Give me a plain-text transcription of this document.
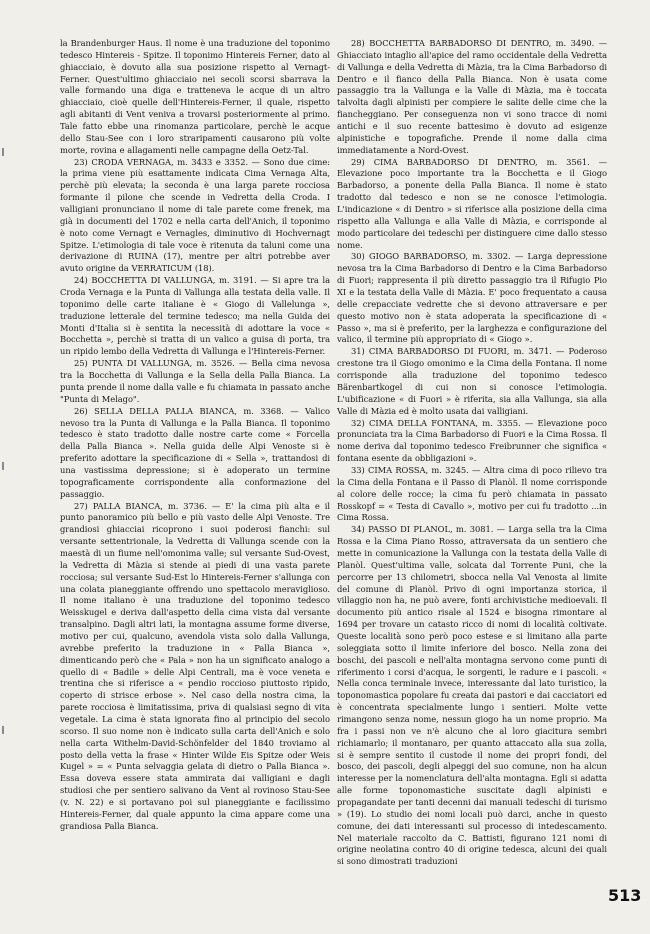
la Brandenburger Haus. Il nome è una traduzione del toponimo tedesco Hintereis - Spitze. Il toponimo Hintereis Ferner, dato al ghiacciaio, è dovuto alla sua posizione rispetto al Vernagt-Ferner. Quest'ultimo ghiacciaio nei secoli scorsi sbarrava la valle formando una diga e tratteneva le acque di un altro ghiacciaio, cioè quelle dell'Hintereis-Ferner, il quale, rispetto agli abitanti di Vent veniva a trovarsi posteriormente al primo. Tale fatto ebbe una rinomanza particolare, perchè le acque dello Stau-See con i loro straripamenti causarono più volte morte, rovina e allagamenti nelle campagne della Oetz-Tal.

23) CRODA VERNAGA, m. 3433 e 3352. — Sono due cime: la prima viene più esattamente indicata Cima Vernaga Alta, perchè più elevata; la seconda è una larga parete rocciosa formante il pilone che scende in Vedretta della Croda. I valligiani pronunciano il nome di tale parete come frenek, ma già in documenti del 1702 e nella carta dell'Anich, il toponimo è noto come Vernagt e Vernagles, diminutivo di Hochvernagt Spitze. L'etimologia di tale voce è ritenuta da taluni come una derivazione di RUINA (17), mentre per altri potrebbe aver avuto origine da VERRATICUM (18).

24) BOCCHETTA DI VALLUNGA, m. 3191. — Si apre tra la Croda Vernaga e la Punta di Vallunga alla testata della valle. Il toponimo delle carte italiane è « Giogo di Vallelunga », traduzione letterale del termine tedesco; ma nella Guida dei Monti d'Italia si è sentita la necessità di adottare la voce « Bocchetta », perchè si tratta di un valico a guisa di porta, tra un ripido lembo della Vedretta di Vallunga e l'Hintereis-Ferner.

25) PUNTA DI VALLUNGA, m. 3526. — Bella cima nevosa tra la Bocchetta di Vallunga e la Sella della Palla Bianca. La punta prende il nome dalla valle e fu chiamata in passato anche "Punta di Melago".

26) SELLA DELLA PALLA BIANCA, m. 3368. — Valico nevoso tra la Punta di Vallunga e la Palla Bianca. Il toponimo tedesco è stato tradotto dalle nostre carte come « Forcella della Palla Bianca ». Nella guida delle Alpi Venoste si è preferito adottare la specificazione di « Sella », trattandosi di una vastissima depressione; si è adoperato un termine topograficamente corrispondente alla conformazione del passaggio.

27) PALLA BIANCA, m. 3736. — E' la cima più alta e il punto panoramico più bello e più vasto delle Alpi Venoste. Tre grandiosi ghiacciai ricoprono i suoi poderosi fianchi: sul versante settentrionale, la Vedretta di Vallunga scende con la maestà di un fiume nell'omonima valle; sul versante Sud-Ovest, la Vedretta di Màzia si stende ai piedi di una vasta parete rocciosa; sul versante Sud-Est lo Hintereis-Ferner s'allunga con una colata pianeggiante offrendo uno spettacolo meraviglioso. Il nome italiano è una traduzione del toponimo tedesco Weisskugel e deriva dall'aspetto della cima vista dal versante transalpino. Dagli altri lati, la montagna assume forme diverse, motivo per cui, qualcuno, avendola vista solo dalla Vallunga, avrebbe preferito la traduzione in « Palla Bianca », dimenticando però che « Pala » non ha un significato analogo a quello di « Badile » delle Alpi Centrali, ma è voce veneta e trentina che si riferisce a « pendio roccioso piuttosto ripido, coperto di strisce erbose ». Nel caso della nostra cima, la parete rocciosa è limitatissima, priva di qualsiasi segno di vita vegetale. La cima è stata ignorata fino al principio del secolo scorso. Il suo nome non è indicato sulla carta dell'Anich e solo nella carta Withelm-David-Schönfelder del 1840 troviamo al posto della vetta la frase « Hinter Wilde Eis Spitze oder Weis Kugel » = « Punta selvaggia gelata di dietro o Palla Bianca ». Essa doveva essere stata ammirata dai valligiani e dagli studiosi che per sentiero salivano da Vent al rovinoso Stau-See (v. N. 22) e si portavano poi sul pianeggiante e facilissimo Hintereis-Ferner, dal quale appunto la cima appare come una grandiosa Palla Bianca.

28) BOCCHETTA BARBADORSO DI DENTRO, m. 3490. — Ghiacciato intaglio all'apice del ramo occidentale della Vedretta di Vallunga e della Vedretta di Màzia, tra la Cima Barbadorso di Dentro e il fianco della Palla Bianca. Non è usata come passaggio tra la Vallunga e la Valle di Màzia, ma è toccata talvolta dagli alpinisti per compiere le salite delle cime che la fiancheggiano. Per conseguenza non vi sono tracce di nomi antichi e il suo recente battesimo è dovuto ad esigenze alpinistiche e topografiche. Prende il nome dalla cima immediatamente a Nord-Ovest.

29) CIMA BARBADORSO DI DENTRO, m. 3561. — Elevazione poco importante tra la Bocchetta e il Giogo Barbadorso, a ponente della Palla Bianca. Il nome è stato tradotto dal tedesco e non se ne conosce l'etimologia. L'indicazione « di Dentro » si riferisce alla posizione della cima rispetto alla Vallunga e alla Valle di Màzia, e corrisponde al modo particolare dei tedeschi per distinguere cime dallo stesso nome.

30) GIOGO BARBADORSO, m. 3302. — Larga depressione nevosa tra la Cima Barbadorso di Dentro e la Cima Barbadorso di Fuori; rappresenta il più diretto passaggio tra il Rifugio Pio XI e la testata della Valle di Màzia. E' poco frequentato a causa delle crepacciate vedrette che si devono attraversare e per questo motivo non è stata adoperata la specificazione di « Passo », ma si è preferito, per la larghezza e configurazione del valico, il termine più appropriato di « Giogo ».

31) CIMA BARBADORSO DI FUORI, m. 3471. — Poderoso crestone tra il Giogo omonimo e la Cima della Fontana. Il nome corrisponde alla traduzione del toponimo tedesco Bärenbartkogel di cui non si conosce l'etimologia. L'ubificazione « di Fuori » è riferita, sia alla Vallunga, sia alla Valle di Màzia ed è molto usata dai valligiani.

32) CIMA DELLA FONTANA, m. 3355. — Elevazione poco pronunciata tra la Cima Barbadorso di Fuori e la Cima Rossa. Il nome deriva dal toponimo tedesco Freibrunner che significa « fontana esente da obbligazioni ».

33) CIMA ROSSA, m. 3245. — Altra cima di poco rilievo tra la Cima della Fontana e il Passo di Planòl. Il nome corrisponde al colore delle rocce; la cima fu però chiamata in passato Rosskopf = « Testa di Cavallo », motivo per cui fu tradotto ...in Cima Rossa.

34) PASSO DI PLANOL, m. 3081. — Larga sella tra la Cima Rossa e la Cima Piano Rosso, attraversata da un sentiero che mette in comunicazione la Vallunga con la testata della Valle di Planòl. Quest'ultima valle, solcata dal Torrente Puni, che la percorre per 13 chilometri, sbocca nella Val Venosta al limite del comune di Planòl. Privo di ogni importanza storica, il villaggio non ha, ne può avere, fonti archivistiche medioevali. Il documento più antico risale al 1524 e bisogna rimontare al 1694 per trovare un catasto ricco di nomi di località coltivate. Queste località sono però poco estese e si limitano alla parte soleggiata sotto il limite inferiore del bosco. Nella zona dei boschi, dei pascoli e nell'alta montagna servono come punti di riferimento i corsi d'acqua, le sorgenti, le radure e i pascoli. « Nella conca terminale invece, interessante dal lato turistico, la toponomastica popolare fu creata dai pastori e dai cacciatori ed è concentrata specialmente lungo i sentieri. Molte vette rimangono senza nome, nessun giogo ha un nome proprio. Ma fra i passi non ve n'è alcuno che al loro giacitura sembri richiamarlo; il montanaro, per quanto attaccato alla sua zolla, si è sempre sentito il custode il nome dei propri fondi, del bosco, dei pascoli, degli alpeggi del suo comune, non ha alcun interesse per la nomenclatura dell'alta montagna. Egli si adatta alle forme toponomastiche suscitate dagli alpinisti e propagandate per tanti decenni dai manuali tedeschi di turismo » (19). Lo studio dei nomi locali può darci, anche in questo comune, dei dati interessanti sul processo di intedescamento. Nel materiale raccolto da C. Battisti, figurano 121 nomi di origine neolatina contro 40 di origine tedesca, alcuni dei quali si sono dimostrati traduzioni

513
